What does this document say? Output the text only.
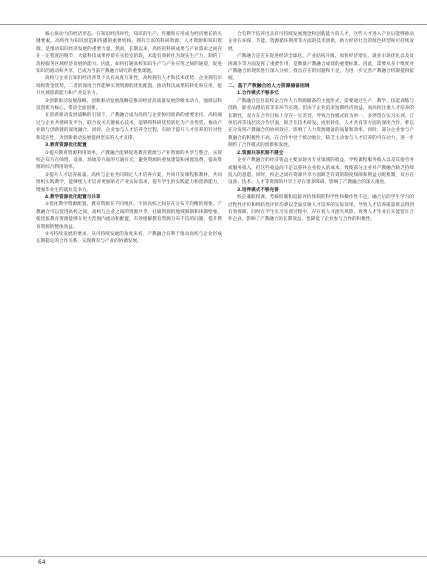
核心驱动力的经济形态。在知识经济时代，知识的生产、传播和应用成为经济增长的关键要素。高校作为知识创造和传播的重要机构，拥有丰富的科研资源、人才资源和知识资源，是推动知识经济发展的重要力量。然而，长期以来，高校的科研成果与产业需求之间存在一定程度的脱节，大量科技成果停留在实验室阶段，未能有效转化为现实生产力，制约了高校服务区域经济发展的能力。因此，如何打通高校知识生产与产业应用之间的通道，促进知识的流动和共享，已成为当前产教融合研究的重要课题。

高校与企业在知识经济背景下具有高度互补性，高校拥有人才和技术优势，企业拥有市场和资金优势，二者的深度合作能够实现资源的优化配置，推动科技成果的转化和应用，提升区域创新能力和产业竞争力。

②创新驱动发展战略。创新驱动发展战略是推动经济高质量发展的根本动力，强调以科技创新为核心，带动全面创新。

在创新驱动发展战略的引领下，产教融合成为高校与企业协同创新的重要途径。高校通过与企业共建研发平台、联合攻关关键核心技术，能够将科研优势转化为产业优势，推动产业链与创新链的深度融合。同时，企业参与人才培养全过程，有助于提升人才培养的针对性和适应性，为创新驱动发展提供坚实的人才支撑。

3.教育资源优化配置

①提升教育资源利用效率。产教融合能够促进教育资源与产业资源的共享与整合，实现校企双方在师资、设备、场地等方面的互通有无，避免资源的重复建设和闲置浪费，提高资源的综合利用效率。

②提升人才培养质量。高校与企业共同制定人才培养方案，共同开发课程和教材，共同组织实践教学，能够使人才培养更加贴近产业实际需求，提升学生的实践能力和创新能力，增强毕业生的就业竞争力。

4.教学资源优化配置与共享

①优化教学资源配置。教育资源在不同地区、不同高校之间存在分布不均衡的现象。产教融合可以促进高校之间、高校与企业之间的资源共享，打破资源的地域限制和体制壁垒，使优质教育资源能够在更大范围内流动和配置，有效缓解教育资源分布不均的问题，提升教育资源的整体效益。

②可持续发展的要求。从可持续发展的角度来看，产教融合有利于推动高校与企业形成长期稳定的合作关系，实现教育与产业的协调发展。

合有利于培养出具有可持续发展理念和创新能力的人才，这些人才进入产业后能够推动企业在环保、节能、资源循环利用等方面的技术创新，助力经济社会的绿色转型和可持续发展。

产教融合是否在促进经济全球化、产业结构升级、加快经济增长、就业市场优化以及贫困减少等方面发挥了重要作用，是衡量产教融合成效的重要标准。因此，需要从多个维度对产教融合的现状进行深入分析，找出存在的问题和不足，为进一步完善产教融合机制提供依据。

二、基于产教融合的人力资源储备困境

1.合作模式不够多元

产教融合是目前校企合作人力资源储备的主流形式，需要通过生产、教学、技能训练与创新、职业品德培育等多环节实现。但由于企业追求短期经济效益，而高校注重人才培养的长期性，双方在合作目标上存在一定差异，导致合作模式较为单一，多停留在实习实训、订单培养等浅层次合作层面，缺乏在技术研发、成果转化、人才共育等方面的深度合作，难以充分发挥产教融合的协同效应，影响了人力资源储备的质量和效率。同时，部分企业参与产教融合的积极性不高，在合作中处于被动地位，缺乏主动参与人才培养的内在动力，进一步制约了合作模式的创新和发展。

2.资源共享机制不健全

企业产教融合的经济效益主要表现为专业领域的收益，学校课程服务收入以及其他劳务或服务收入，但这些收益尚不足以弥补企业投入的成本，致使部分企业对产教融合缺乏持续投入的意愿。同时，校企之间在资源共享方面缺乏有效的制度保障和利益分配机制，双方在设备、技术、人才等资源的共享上存在诸多障碍，影响了产教融合的深入推进。

3.培养模式不够完善

校企兼职授课、考核机制和追踪评价体制的科学性和操作性不足，融合后的学生学习的过程性评价和终结性评价均难以全面反映人才培养的实际效果，导致人才培养质量难以得到有效保障。同时在学生实习实训过程中，存在着人才流失风险，优秀人才毕业后未能留在合作企业，影响了产教融合的长期效益，也降低了企业参与合作的积极性。

64
